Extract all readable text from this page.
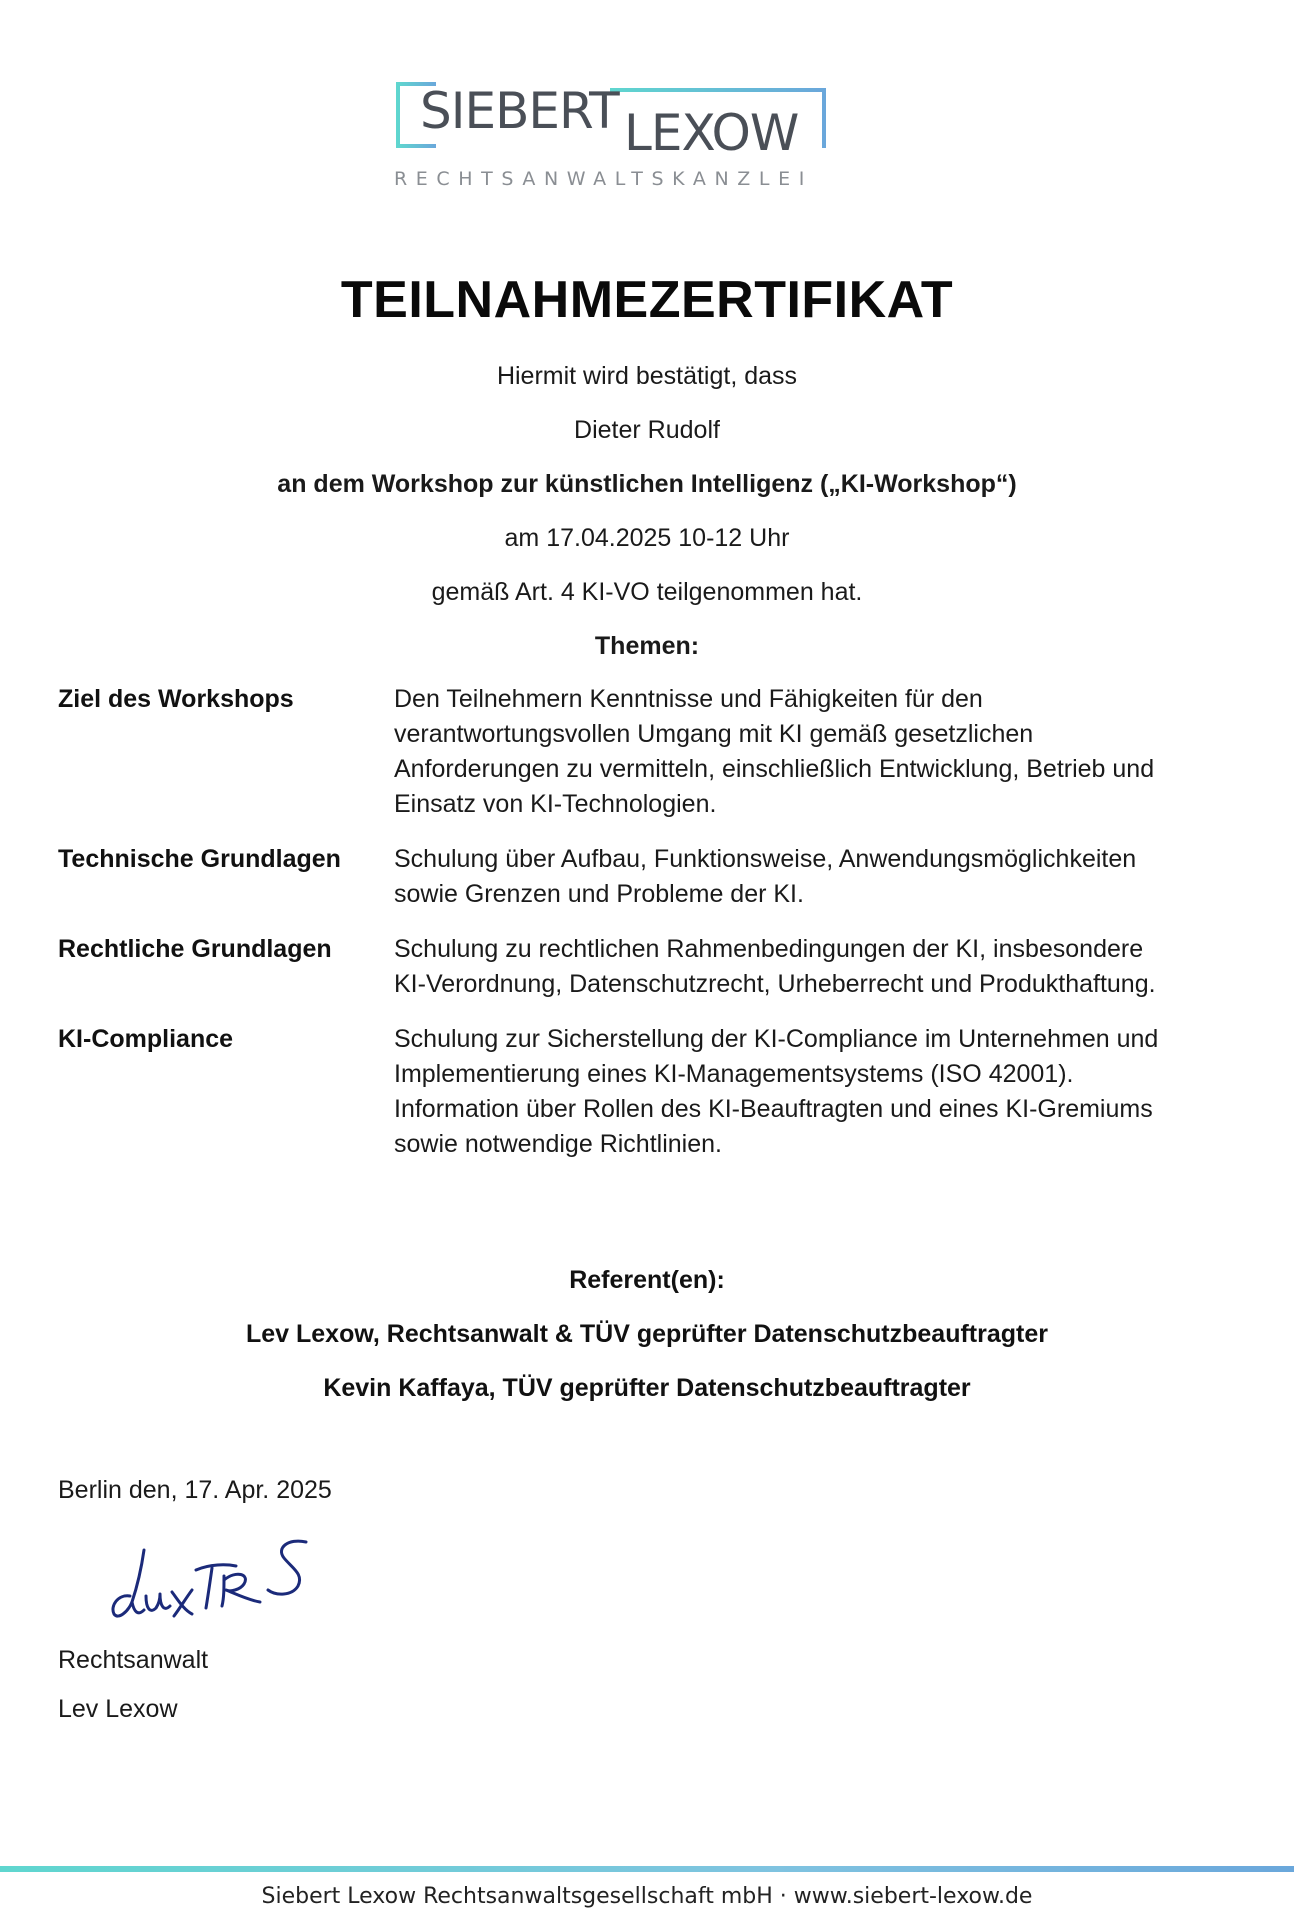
SIEBERT LEXOW
RECHTSANWALTSKANZLEI
TEILNAHMEZERTIFIKAT
Hiermit wird bestätigt, dass
Dieter Rudolf
an dem Workshop zur künstlichen Intelligenz („KI-Workshop“)
am 17.04.2025 10-12 Uhr
gemäß Art. 4 KI-VO teilgenommen hat.
Themen:
Ziel des Workshops	Den Teilnehmern Kenntnisse und Fähigkeiten für den verantwortungsvollen Umgang mit KI gemäß gesetzlichen Anforderungen zu vermitteln, einschließlich Entwicklung, Betrieb und Einsatz von KI-Technologien.
Technische Grundlagen	Schulung über Aufbau, Funktionsweise, Anwendungsmöglichkeiten sowie Grenzen und Probleme der KI.
Rechtliche Grundlagen	Schulung zu rechtlichen Rahmenbedingungen der KI, insbesondere KI-Verordnung, Datenschutzrecht, Urheberrecht und Produkthaftung.
KI-Compliance	Schulung zur Sicherstellung der KI-Compliance im Unternehmen und Implementierung eines KI-Managementsystems (ISO 42001). Information über Rollen des KI-Beauftragten und eines KI-Gremiums sowie notwendige Richtlinien.
Referent(en):
Lev Lexow, Rechtsanwalt & TÜV geprüfter Datenschutzbeauftragter
Kevin Kaffaya, TÜV geprüfter Datenschutzbeauftragter
Berlin den, 17. Apr. 2025
Rechtsanwalt
Lev Lexow
Siebert Lexow Rechtsanwaltsgesellschaft mbH · www.siebert-lexow.de
